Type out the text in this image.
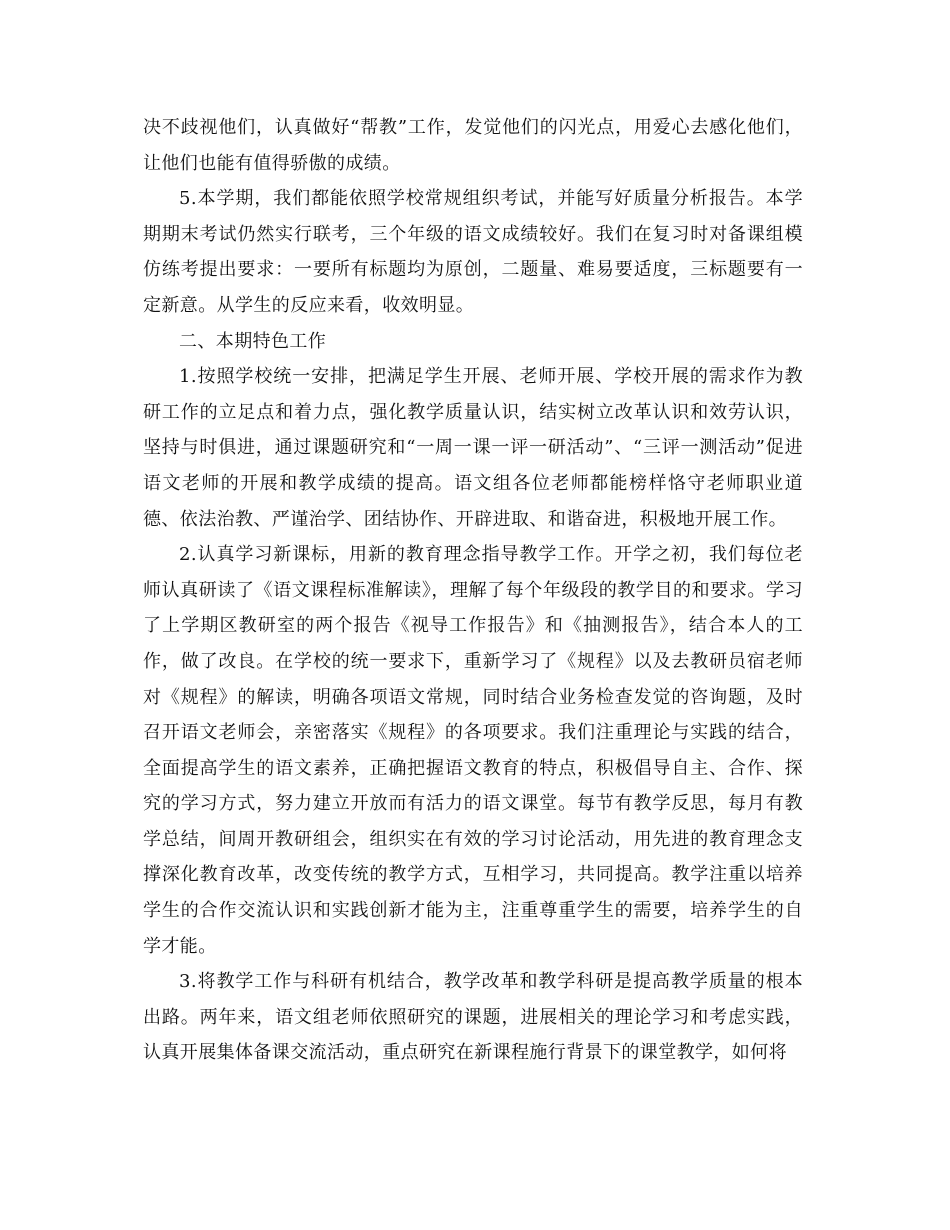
决不歧视他们，认真做好“帮教”工作，发觉他们的闪光点，用爱心去感化他们，让他们也能有值得骄傲的成绩。

5.本学期，我们都能依照学校常规组织考试，并能写好质量分析报告。本学期期末考试仍然实行联考，三个年级的语文成绩较好。我们在复习时对备课组模仿练考提出要求：一要所有标题均为原创，二题量、难易要适度，三标题要有一定新意。从学生的反应来看，收效明显。

二、本期特色工作

1.按照学校统一安排，把满足学生开展、老师开展、学校开展的需求作为教研工作的立足点和着力点，强化教学质量认识，结实树立改革认识和效劳认识，坚持与时俱进，通过课题研究和“一周一课一评一研活动”、“三评一测活动”促进语文老师的开展和教学成绩的提高。语文组各位老师都能榜样恪守老师职业道德、依法治教、严谨治学、团结协作、开辟进取、和谐奋进，积极地开展工作。

2.认真学习新课标，用新的教育理念指导教学工作。开学之初，我们每位老师认真研读了《语文课程标准解读》，理解了每个年级段的教学目的和要求。学习了上学期区教研室的两个报告《视导工作报告》和《抽测报告》，结合本人的工作，做了改良。在学校的统一要求下，重新学习了《规程》以及去教研员宿老师对《规程》的解读，明确各项语文常规，同时结合业务检查发觉的咨询题，及时召开语文老师会，亲密落实《规程》的各项要求。我们注重理论与实践的结合，全面提高学生的语文素养，正确把握语文教育的特点，积极倡导自主、合作、探究的学习方式，努力建立开放而有活力的语文课堂。每节有教学反思，每月有教学总结，间周开教研组会，组织实在有效的学习讨论活动，用先进的教育理念支撑深化教育改革，改变传统的教学方式，互相学习，共同提高。教学注重以培养学生的合作交流认识和实践创新才能为主，注重尊重学生的需要，培养学生的自学才能。

3.将教学工作与科研有机结合，教学改革和教学科研是提高教学质量的根本出路。两年来，语文组老师依照研究的课题，进展相关的理论学习和考虑实践，认真开展集体备课交流活动，重点研究在新课程施行背景下的课堂教学，如何将
